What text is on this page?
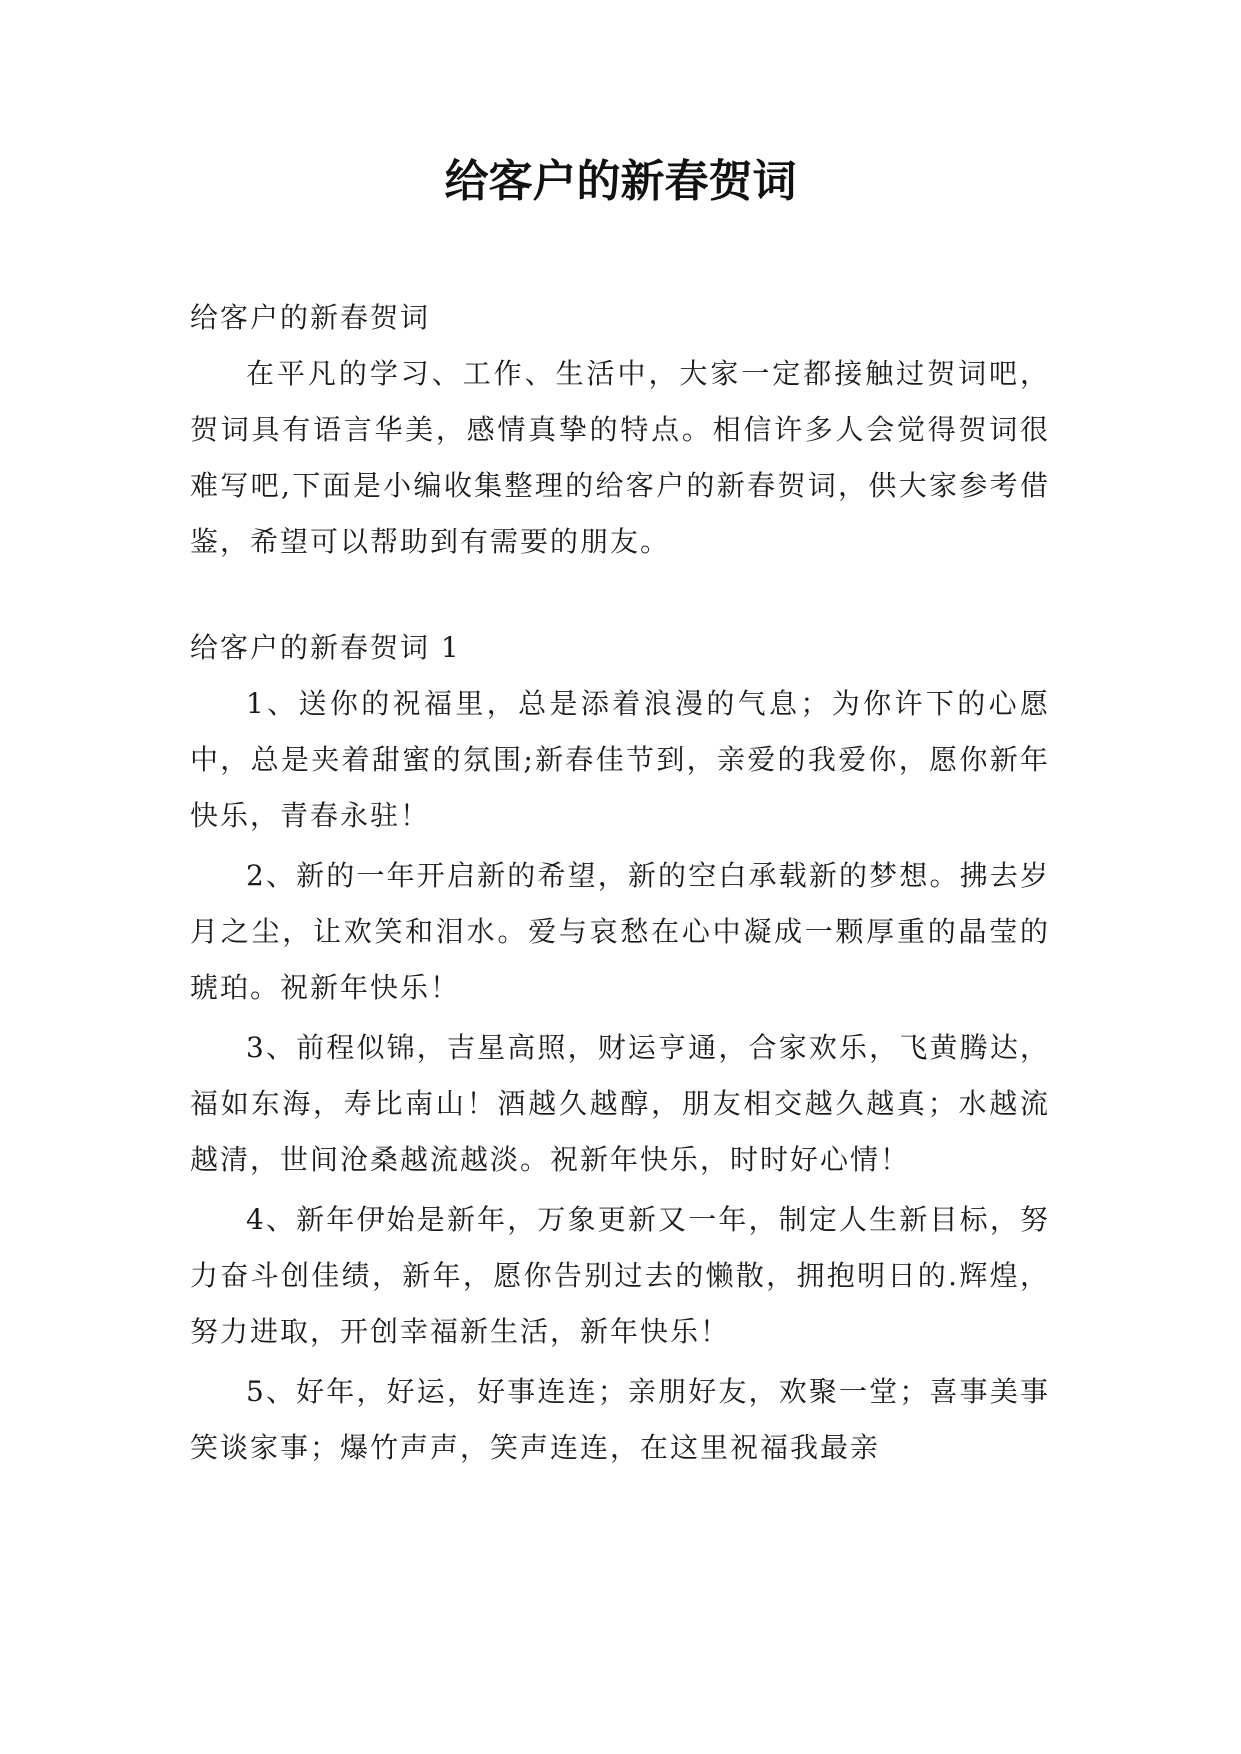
给客户的新春贺词

给客户的新春贺词

在平凡的学习、工作、生活中，大家一定都接触过贺词吧，贺词具有语言华美，感情真挚的特点。相信许多人会觉得贺词很难写吧,下面是小编收集整理的给客户的新春贺词，供大家参考借鉴，希望可以帮助到有需要的朋友。

给客户的新春贺词 1

1、送你的祝福里，总是添着浪漫的气息；为你许下的心愿中，总是夹着甜蜜的氛围;新春佳节到，亲爱的我爱你，愿你新年快乐，青春永驻！

2、新的一年开启新的希望，新的空白承载新的梦想。拂去岁月之尘，让欢笑和泪水。爱与哀愁在心中凝成一颗厚重的晶莹的琥珀。祝新年快乐！

3、前程似锦，吉星高照，财运亨通，合家欢乐，飞黄腾达，福如东海，寿比南山！酒越久越醇，朋友相交越久越真；水越流越清，世间沧桑越流越淡。祝新年快乐，时时好心情！

4、新年伊始是新年，万象更新又一年，制定人生新目标，努力奋斗创佳绩，新年，愿你告别过去的懒散，拥抱明日的.辉煌，努力进取，开创幸福新生活，新年快乐！

5、好年，好运，好事连连；亲朋好友，欢聚一堂；喜事美事笑谈家事；爆竹声声，笑声连连，在这里祝福我最亲
